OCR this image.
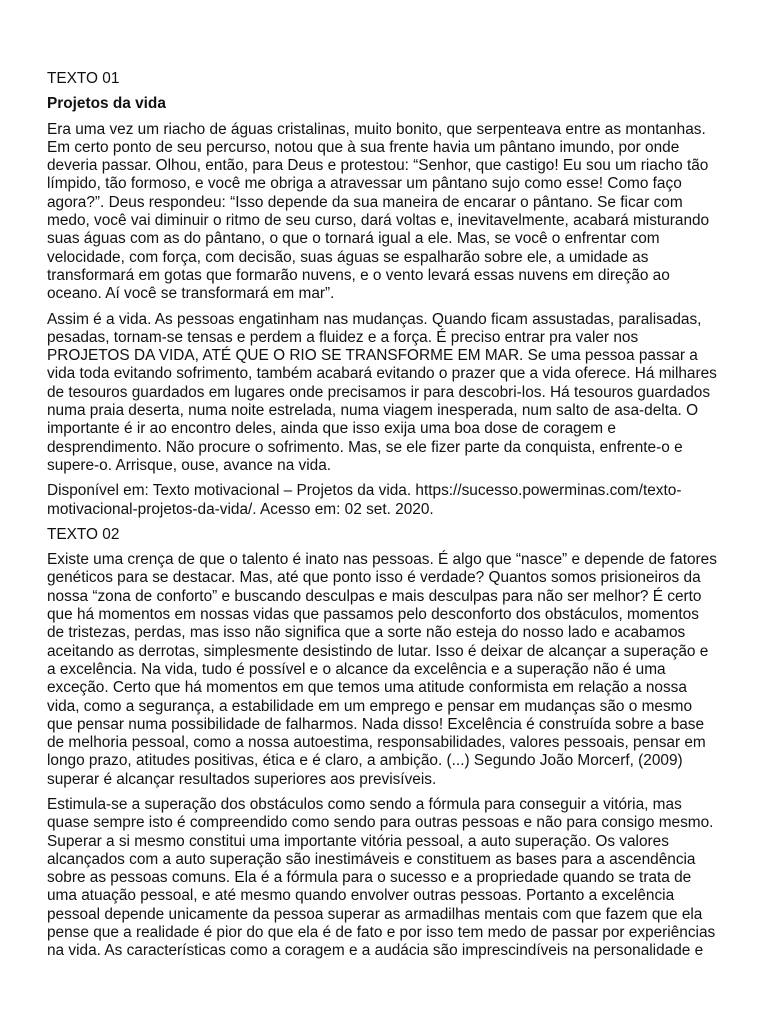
TEXTO 01

Projetos da vida

Era uma vez um riacho de águas cristalinas, muito bonito, que serpenteava entre as montanhas. Em certo ponto de seu percurso, notou que à sua frente havia um pântano imundo, por onde deveria passar. Olhou, então, para Deus e protestou: “Senhor, que castigo! Eu sou um riacho tão límpido, tão formoso, e você me obriga a atravessar um pântano sujo como esse! Como faço agora?”. Deus respondeu: “Isso depende da sua maneira de encarar o pântano. Se ficar com medo, você vai diminuir o ritmo de seu curso, dará voltas e, inevitavelmente, acabará misturando suas águas com as do pântano, o que o tornará igual a ele. Mas, se você o enfrentar com velocidade, com força, com decisão, suas águas se espalharão sobre ele, a umidade as transformará em gotas que formarão nuvens, e o vento levará essas nuvens em direção ao oceano. Aí você se transformará em mar”.

Assim é a vida. As pessoas engatinham nas mudanças. Quando ficam assustadas, paralisadas, pesadas, tornam-se tensas e perdem a fluidez e a força. É preciso entrar pra valer nos PROJETOS DA VIDA, ATÉ QUE O RIO SE TRANSFORME EM MAR. Se uma pessoa passar a vida toda evitando sofrimento, também acabará evitando o prazer que a vida oferece. Há milhares de tesouros guardados em lugares onde precisamos ir para descobri-los. Há tesouros guardados numa praia deserta, numa noite estrelada, numa viagem inesperada, num salto de asa-delta. O importante é ir ao encontro deles, ainda que isso exija uma boa dose de coragem e desprendimento. Não procure o sofrimento. Mas, se ele fizer parte da conquista, enfrente-o e supere-o. Arrisque, ouse, avance na vida.

Disponível em: Texto motivacional – Projetos da vida. https://sucesso.powerminas.com/texto-motivacional-projetos-da-vida/. Acesso em: 02 set. 2020.

TEXTO 02

Existe uma crença de que o talento é inato nas pessoas. É algo que “nasce” e depende de fatores genéticos para se destacar. Mas, até que ponto isso é verdade? Quantos somos prisioneiros da nossa “zona de conforto” e buscando desculpas e mais desculpas para não ser melhor? É certo que há momentos em nossas vidas que passamos pelo desconforto dos obstáculos, momentos de tristezas, perdas, mas isso não significa que a sorte não esteja do nosso lado e acabamos aceitando as derrotas, simplesmente desistindo de lutar. Isso é deixar de alcançar a superação e a excelência. Na vida, tudo é possível e o alcance da excelência e a superação não é uma exceção. Certo que há momentos em que temos uma atitude conformista em relação a nossa vida, como a segurança, a estabilidade em um emprego e pensar em mudanças são o mesmo que pensar numa possibilidade de falharmos. Nada disso! Excelência é construída sobre a base de melhoria pessoal, como a nossa autoestima, responsabilidades, valores pessoais, pensar em longo prazo, atitudes positivas, ética e é claro, a ambição. (...) Segundo João Morcerf, (2009) superar é alcançar resultados superiores aos previsíveis.

Estimula-se a superação dos obstáculos como sendo a fórmula para conseguir a vitória, mas quase sempre isto é compreendido como sendo para outras pessoas e não para consigo mesmo. Superar a si mesmo constitui uma importante vitória pessoal, a auto superação. Os valores alcançados com a auto superação são inestimáveis e constituem as bases para a ascendência sobre as pessoas comuns. Ela é a fórmula para o sucesso e a propriedade quando se trata de uma atuação pessoal, e até mesmo quando envolver outras pessoas. Portanto a excelência pessoal depende unicamente da pessoa superar as armadilhas mentais com que fazem que ela pense que a realidade é pior do que ela é de fato e por isso tem medo de passar por experiências na vida. As características como a coragem e a audácia são imprescindíveis na personalidade e
